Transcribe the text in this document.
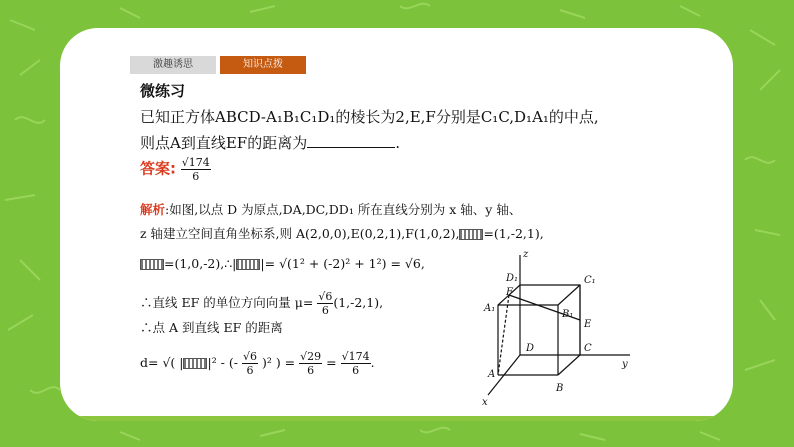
激趣诱思	知识点拨
微练习
已知正方体ABCD-A₁B₁C₁D₁的棱长为2,E,F分别是C₁C,D₁A₁的中点,
则点A到直线EF的距离为	.
答案: $\frac{√174}{6}$
解析:如图,以点 D 为原点,DA,DC,DD₁ 所在直线分别为 x 轴、y 轴、
z 轴建立空间直角坐标系,则 A(2,0,0),E(0,2,1),F(1,0,2), =(1,-2,1),
=(1,0,-2),∴| |= √(1² + (-2)² + 1²) = √6,
∴直线 EF 的单位方向向量 $\mu= \frac{√6}{6} (1,-2,1)$,
∴点 A 到直线 EF 的距离
d= √( | |² - (- $\frac{√6}{6} )^2$ ) = $\frac{√29}{6} = \frac{√174}{6}$ .
z
y
x
D₁	C₁
F
A₁
B₁
E
D	C
A
B
